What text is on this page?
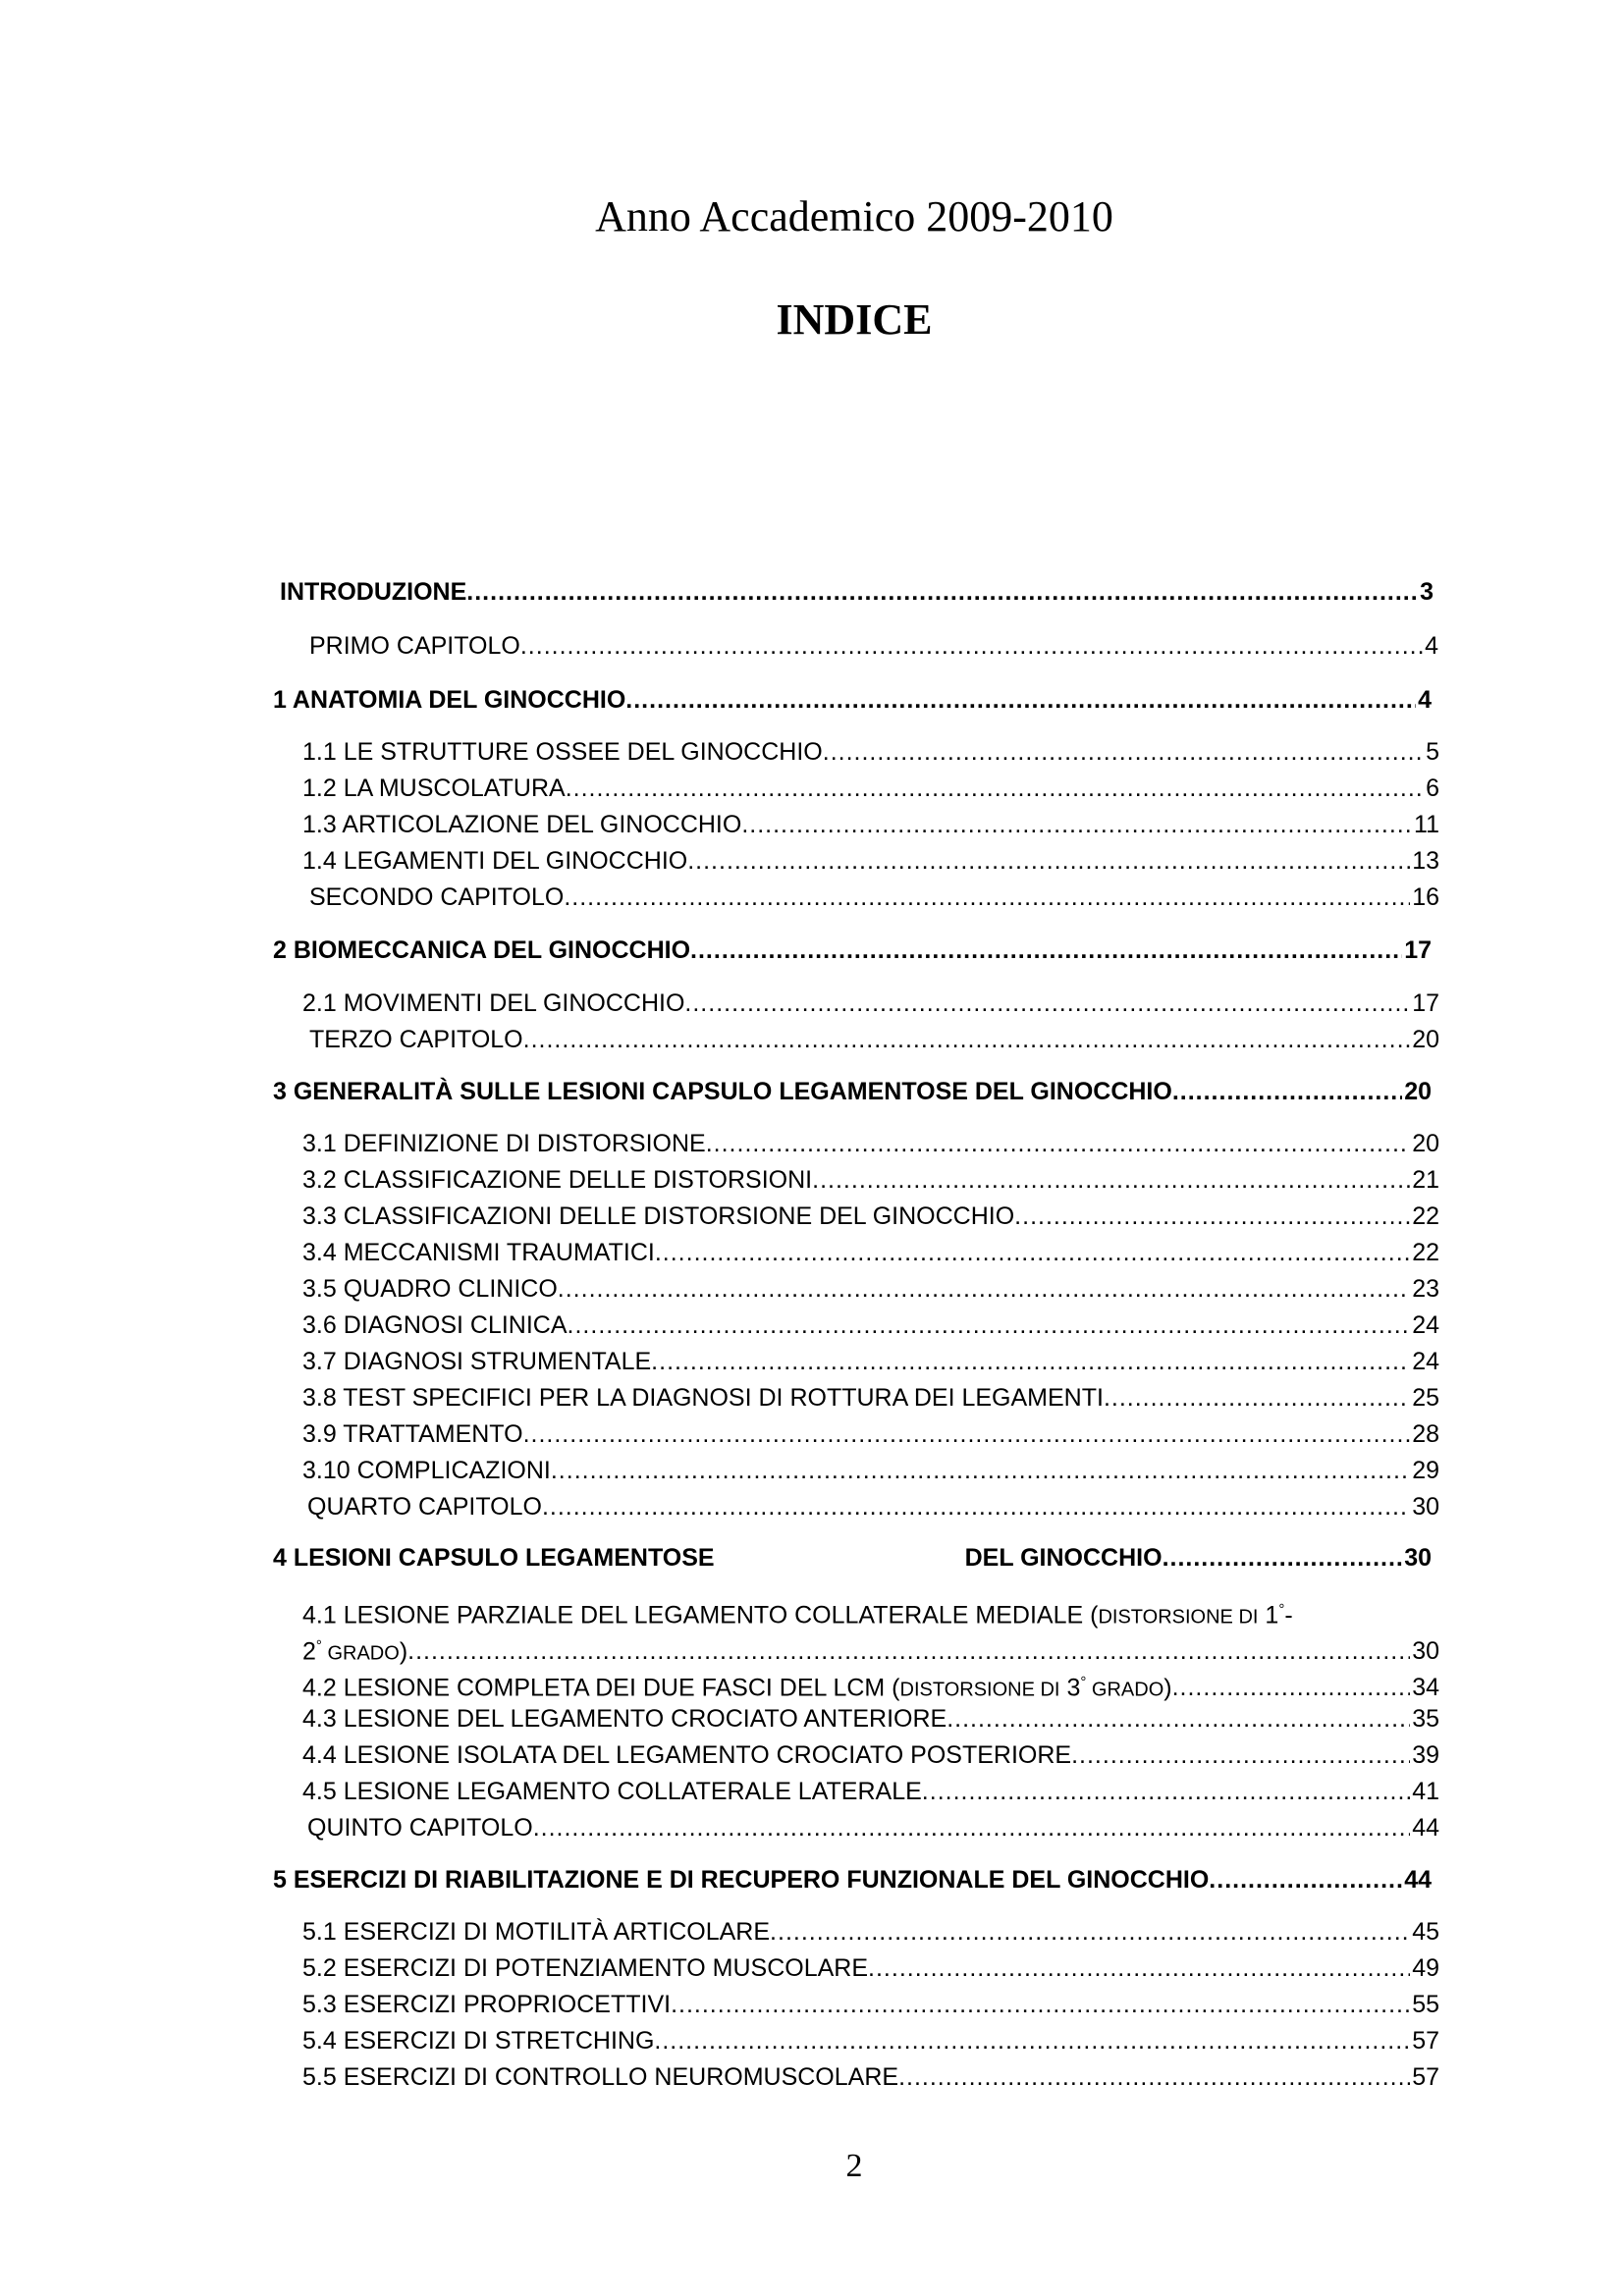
Anno Accademico 2009-2010
INDICE
INTRODUZIONE .....	3
PRIMO CAPITOLO .....	4
1 ANATOMIA DEL GINOCCHIO .....	4
1.1 LE STRUTTURE OSSEE DEL GINOCCHIO .....	5
1.2 LA MUSCOLATURA .....	6
1.3 ARTICOLAZIONE DEL GINOCCHIO .....	11
1.4 LEGAMENTI DEL GINOCCHIO .....	13
SECONDO CAPITOLO .....	16
2 BIOMECCANICA DEL GINOCCHIO .....	17
2.1 MOVIMENTI DEL GINOCCHIO .....	17
TERZO CAPITOLO .....	20
3 GENERALITÀ SULLE LESIONI CAPSULO LEGAMENTOSE DEL GINOCCHIO .....	20
3.1 DEFINIZIONE DI DISTORSIONE .....	20
3.2 CLASSIFICAZIONE DELLE DISTORSIONI .....	21
3.3 CLASSIFICAZIONI DELLE DISTORSIONE DEL GINOCCHIO .....	22
3.4 MECCANISMI TRAUMATICI .....	22
3.5 QUADRO CLINICO .....	23
3.6 DIAGNOSI CLINICA .....	24
3.7 DIAGNOSI STRUMENTALE .....	24
3.8 TEST SPECIFICI PER LA DIAGNOSI DI ROTTURA DEI LEGAMENTI .....	25
3.9 TRATTAMENTO .....	28
3.10 COMPLICAZIONI .....	29
QUARTO CAPITOLO .....	30
4 LESIONI CAPSULO LEGAMENTOSE	DEL GINOCCHIO .....	30
4.1 LESIONE PARZIALE DEL LEGAMENTO COLLATERALE MEDIALE (DISTORSIONE DI 1°-
2° GRADO) .....	30
4.2 LESIONE COMPLETA DEI DUE FASCI DEL LCM (DISTORSIONE DI 3° GRADO) .....	34
4.3 LESIONE DEL LEGAMENTO CROCIATO ANTERIORE .....	35
4.4 LESIONE ISOLATA DEL LEGAMENTO CROCIATO POSTERIORE .....	39
4.5 LESIONE LEGAMENTO COLLATERALE LATERALE .....	41
QUINTO CAPITOLO .....	44
5 ESERCIZI DI RIABILITAZIONE E DI RECUPERO FUNZIONALE DEL GINOCCHIO .....	44
5.1 ESERCIZI DI MOTILITÀ ARTICOLARE .....	45
5.2 ESERCIZI DI POTENZIAMENTO MUSCOLARE .....	49
5.3 ESERCIZI PROPRIOCETTIVI .....	55
5.4 ESERCIZI DI STRETCHING .....	57
5.5 ESERCIZI DI CONTROLLO NEUROMUSCOLARE .....	57
2
